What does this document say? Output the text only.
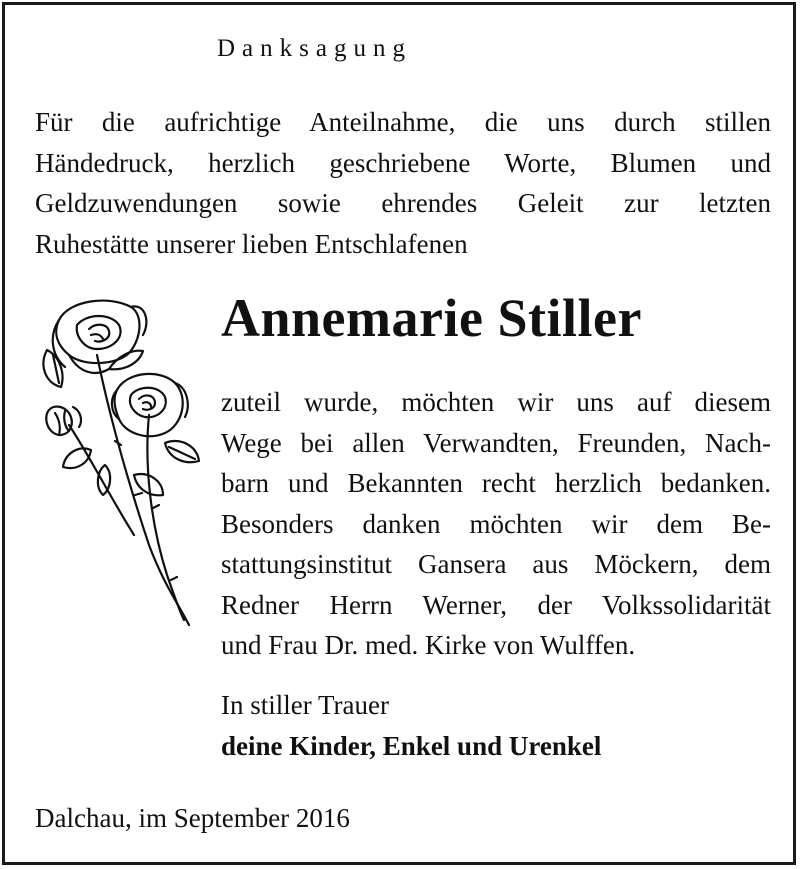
Danksagung
Für die aufrichtige Anteilnahme, die uns durch stillen
Händedruck, herzlich geschriebene Worte, Blumen und
Geldzuwendungen sowie ehrendes Geleit zur letzten
Ruhestätte unserer lieben Entschlafenen
Annemarie Stiller
zuteil wurde, möchten wir uns auf diesem
Wege bei allen Verwandten, Freunden, Nach-
barn und Bekannten recht herzlich bedanken.
Besonders danken möchten wir dem Be-
stattungsinstitut Gansera aus Möckern, dem
Redner Herrn Werner, der Volkssolidarität
und Frau Dr. med. Kirke von Wulffen.
In stiller Trauer
deine Kinder, Enkel und Urenkel
Dalchau, im September 2016
